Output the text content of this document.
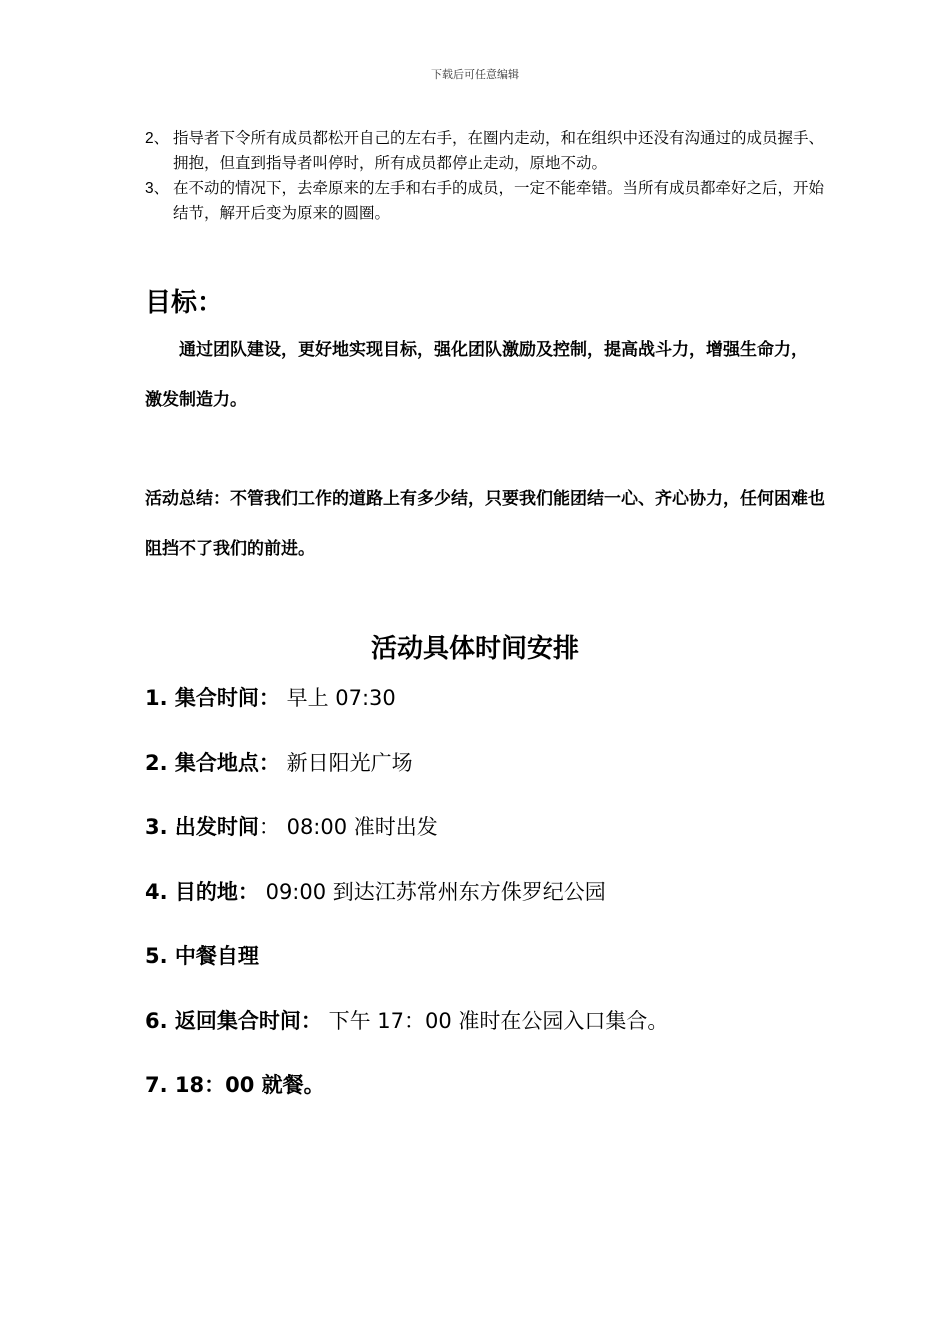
下载后可任意编辑
2、 指导者下令所有成员都松开自己的左右手，在圈内走动，和在组织中还没有沟通过的成员握手、拥抱，但直到指导者叫停时，所有成员都停止走动，原地不动。
3、 在不动的情况下，去牵原来的左手和右手的成员，一定不能牵错。当所有成员都牵好之后，开始结节，解开后变为原来的圆圈。
目标：
通过团队建设，更好地实现目标，强化团队激励及控制，提高战斗力，增强生命力，激发制造力。
活动总结：不管我们工作的道路上有多少结，只要我们能团结一心、齐心协力，任何困难也阻挡不了我们的前进。
活动具体时间安排
1. 集合时间： 早上 07:30
2. 集合地点： 新日阳光广场
3. 出发时间： 08:00 准时出发
4. 目的地： 09:00 到达江苏常州东方侏罗纪公园
5. 中餐自理
6. 返回集合时间： 下午 17：00 准时在公园入口集合。
7. 18：00 就餐。
